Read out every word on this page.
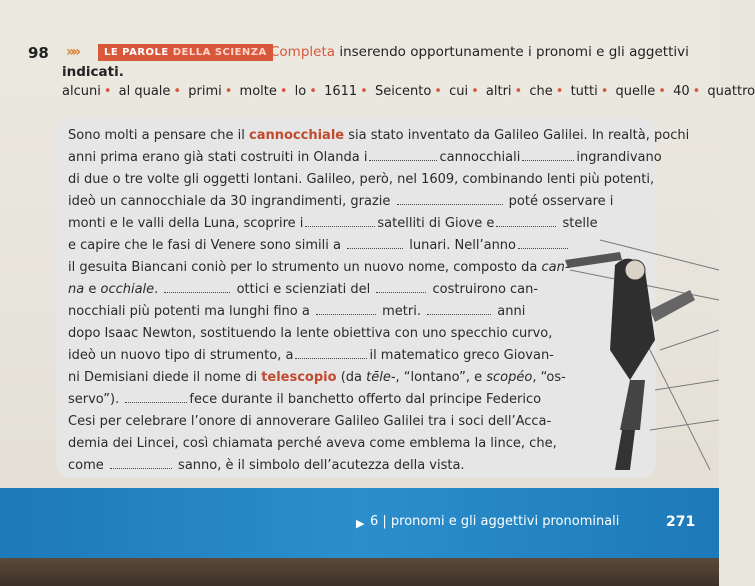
98 »»	LE PAROLE DELLA SCIENZA Completa inserendo opportunamente i pronomi e gli aggettivi
indicati.
alcuni • al quale • primi • molte • lo • 1611 • Seicento • cui • altri • che • tutti • quelle • 40 • quattro
Sono molti a pensare che il cannocchiale sia stato inventato da Galileo Galilei. In realtà, pochi
anni prima erano già stati costruiti in Olanda i	cannocchiali	ingrandivano
di due o tre volte gli oggetti lontani. Galileo, però, nel 1609, combinando lenti più potenti,
ideò un cannocchiale da 30 ingrandimenti, grazie	poté osservare i
monti e le valli della Luna, scoprire i	satelliti di Giove e	stelle
e capire che le fasi di Venere sono simili a	lunari. Nell’anno
il gesuita Biancani coniò per lo strumento un nuovo nome, composto da can-
na e occhiale.	ottici e scienziati del	costruirono can-
nocchiali più potenti ma lunghi fino a	metri.	anni
dopo Isaac Newton, sostituendo la lente obiettiva con uno specchio curvo,
ideò un nuovo tipo di strumento, a	il matematico greco Giovan-
ni Demisiani diede il nome di telescopio (da tēle-, “lontano”, e scopéo, “os-
servo”).	fece durante il banchetto offerto dal principe Federico
Cesi per celebrare l’onore di annoverare Galileo Galilei tra i soci dell’Acca-
demia dei Lincei, così chiamata perché aveva come emblema la lince, che,
come	sanno, è il simbolo dell’acutezza della vista.
▶ 6 | pronomi e gli aggettivi pronominali	271
